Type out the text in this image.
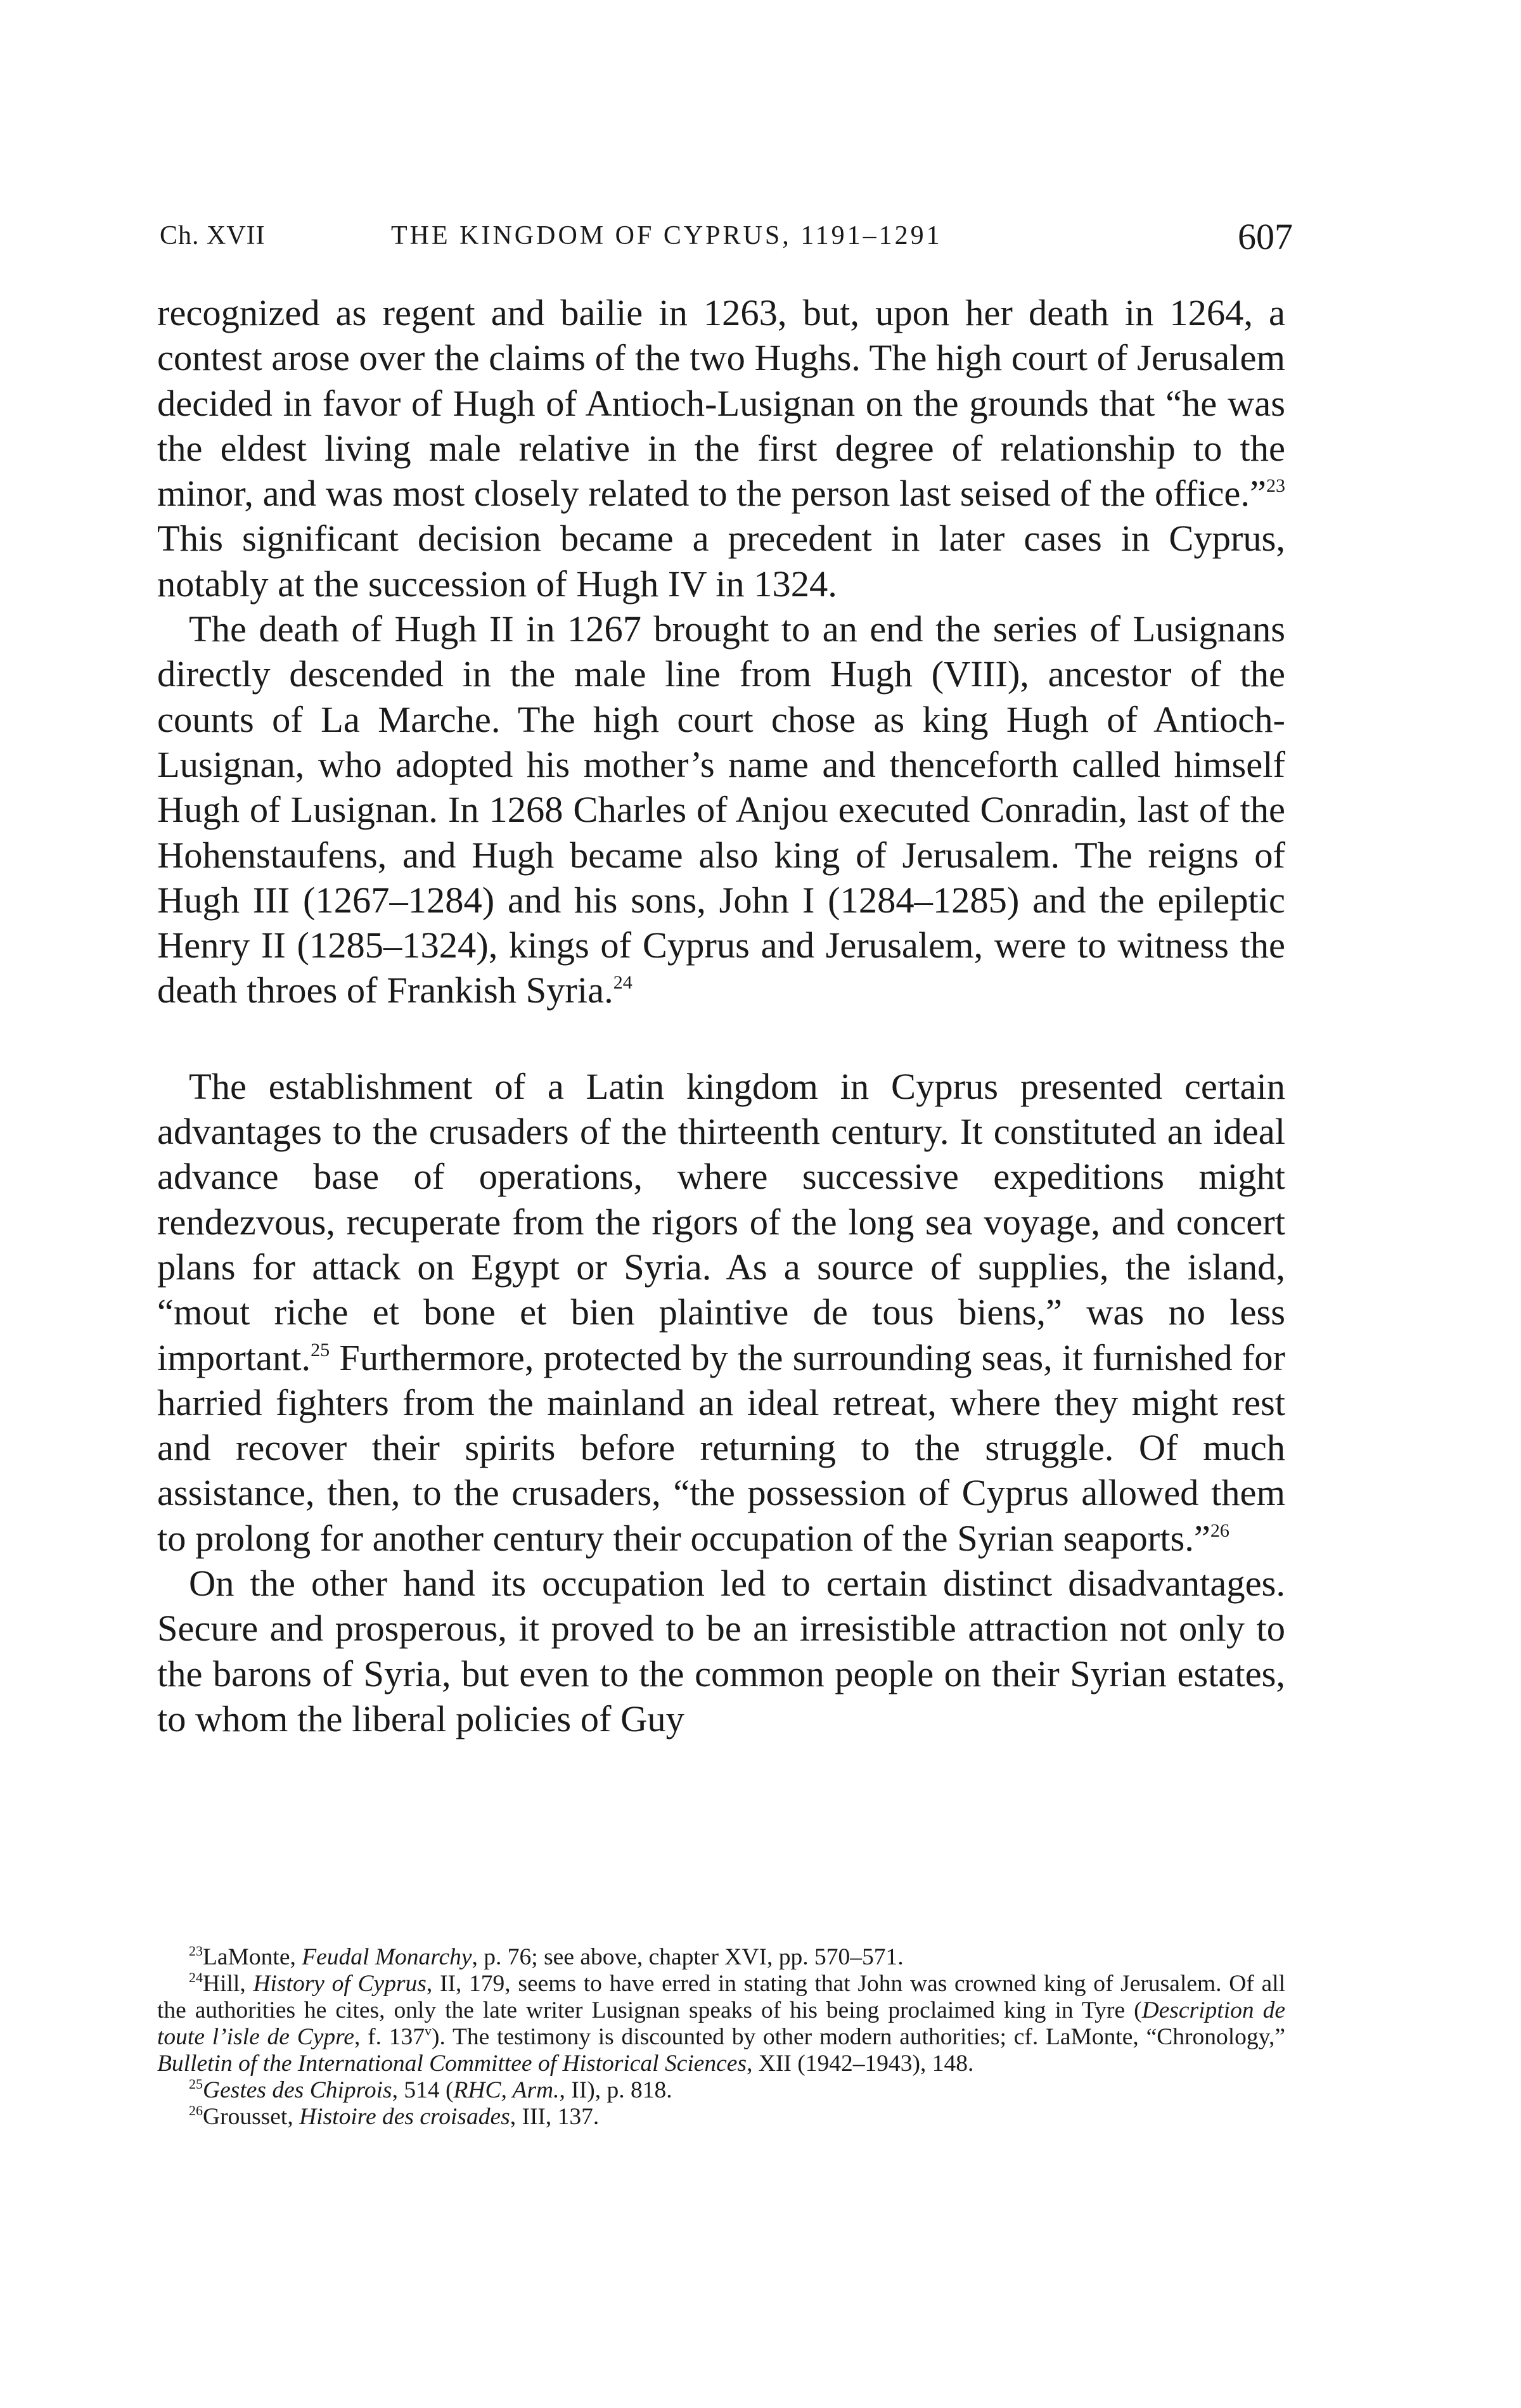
Ch. XVII	THE KINGDOM OF CYPRUS, 1191–1291	607

recognized as regent and bailie in 1263, but, upon her death in 1264, a contest arose over the claims of the two Hughs. The high court of Jerusalem decided in favor of Hugh of Antioch-Lusignan on the grounds that “he was the eldest living male relative in the first degree of relationship to the minor, and was most closely related to the person last seised of the office.”$^{23}$ This significant decision became a precedent in later cases in Cyprus, notably at the succession of Hugh IV in 1324.

The death of Hugh II in 1267 brought to an end the series of Lusignans directly descended in the male line from Hugh (VIII), ancestor of the counts of La Marche. The high court chose as king Hugh of Antioch-Lusignan, who adopted his mother’s name and thenceforth called himself Hugh of Lusignan. In 1268 Charles of Anjou executed Conradin, last of the Hohenstaufens, and Hugh became also king of Jerusalem. The reigns of Hugh III (1267–1284) and his sons, John I (1284–1285) and the epileptic Henry II (1285–1324), kings of Cyprus and Jerusalem, were to witness the death throes of Frankish Syria.$^{24}$

The establishment of a Latin kingdom in Cyprus presented certain advantages to the crusaders of the thirteenth century. It constituted an ideal advance base of operations, where successive expeditions might rendezvous, recuperate from the rigors of the long sea voyage, and concert plans for attack on Egypt or Syria. As a source of supplies, the island, “mout riche et bone et bien plaintive de tous biens,” was no less important.$^{25}$ Furthermore, protected by the surrounding seas, it furnished for harried fighters from the mainland an ideal retreat, where they might rest and recover their spirits before returning to the struggle. Of much assistance, then, to the crusaders, “the possession of Cyprus allowed them to prolong for another century their occupation of the Syrian seaports.”$^{26}$

On the other hand its occupation led to certain distinct disadvantages. Secure and prosperous, it proved to be an irresistible attraction not only to the barons of Syria, but even to the common people on their Syrian estates, to whom the liberal policies of Guy

$^{23}$LaMonte, Feudal Monarchy, p. 76; see above, chapter XVI, pp. 570–571.

$^{24}$Hill, History of Cyprus, II, 179, seems to have erred in stating that John was crowned king of Jerusalem. Of all the authorities he cites, only the late writer Lusignan speaks of his being proclaimed king in Tyre (Description de toute l’isle de Cypre, f. 137$^v$). The testimony is discounted by other modern authorities; cf. LaMonte, “Chronology,” Bulletin of the International Committee of Historical Sciences, XII (1942–1943), 148.

$^{25}$Gestes des Chiprois, 514 (RHC, Arm., II), p. 818.

$^{26}$Grousset, Histoire des croisades, III, 137.
